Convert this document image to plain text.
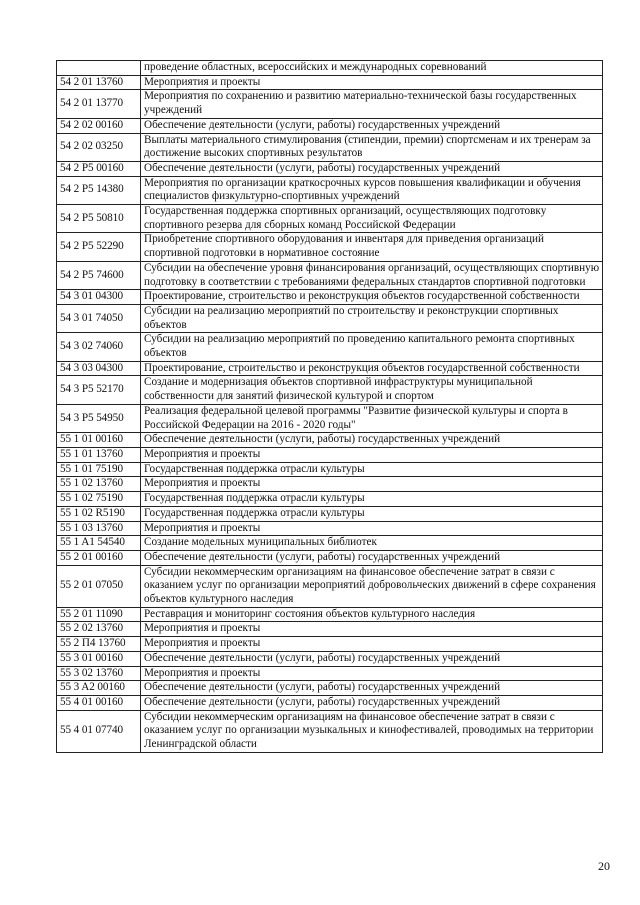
	проведение областных, всероссийских и международных соревнований
54 2 01 13760	Мероприятия и проекты
54 2 01 13770	Мероприятия по сохранению и развитию материально-технической базы государственных учреждений
54 2 02 00160	Обеспечение деятельности (услуги, работы) государственных учреждений
54 2 02 03250	Выплаты материального стимулирования (стипендии, премии) спортсменам и их тренерам за достижение высоких спортивных результатов
54 2 P5 00160	Обеспечение деятельности (услуги, работы) государственных учреждений
54 2 P5 14380	Мероприятия по организации краткосрочных курсов повышения квалификации и обучения специалистов физкультурно-спортивных учреждений
54 2 P5 50810	Государственная поддержка спортивных организаций, осуществляющих подготовку спортивного резерва для сборных команд Российской Федерации
54 2 P5 52290	Приобретение спортивного оборудования и инвентаря для приведения организаций спортивной подготовки в нормативное состояние
54 2 P5 74600	Субсидии на обеспечение уровня финансирования организаций, осуществляющих спортивную подготовку в соответствии с требованиями федеральных стандартов спортивной подготовки
54 3 01 04300	Проектирование, строительство и реконструкция объектов государственной собственности
54 3 01 74050	Субсидии на реализацию мероприятий по строительству и реконструкции спортивных объектов
54 3 02 74060	Субсидии на реализацию мероприятий по проведению капитального ремонта спортивных объектов
54 3 03 04300	Проектирование, строительство и реконструкция объектов государственной собственности
54 3 P5 52170	Создание и модернизация объектов спортивной инфраструктуры муниципальной собственности для занятий физической культурой и спортом
54 3 P5 54950	Реализация федеральной целевой программы "Развитие физической культуры и спорта в Российской Федерации на 2016 - 2020 годы"
55 1 01 00160	Обеспечение деятельности (услуги, работы) государственных учреждений
55 1 01 13760	Мероприятия и проекты
55 1 01 75190	Государственная поддержка отрасли культуры
55 1 02 13760	Мероприятия и проекты
55 1 02 75190	Государственная поддержка отрасли культуры
55 1 02 R5190	Государственная поддержка отрасли культуры
55 1 03 13760	Мероприятия и проекты
55 1 A1 54540	Создание модельных муниципальных библиотек
55 2 01 00160	Обеспечение деятельности (услуги, работы) государственных учреждений
55 2 01 07050	Субсидии некоммерческим организациям на финансовое обеспечение затрат в связи с оказанием услуг по организации мероприятий добровольческих движений в сфере сохранения объектов культурного наследия
55 2 01 11090	Реставрация и мониторинг состояния объектов культурного наследия
55 2 02 13760	Мероприятия и проекты
55 2 П4 13760	Мероприятия и проекты
55 3 01 00160	Обеспечение деятельности (услуги, работы) государственных учреждений
55 3 02 13760	Мероприятия и проекты
55 3 A2 00160	Обеспечение деятельности (услуги, работы) государственных учреждений
55 4 01 00160	Обеспечение деятельности (услуги, работы) государственных учреждений
55 4 01 07740	Субсидии некоммерческим организациям на финансовое обеспечение затрат в связи с оказанием услуг по организации музыкальных и кинофестивалей, проводимых на территории Ленинградской области
20
